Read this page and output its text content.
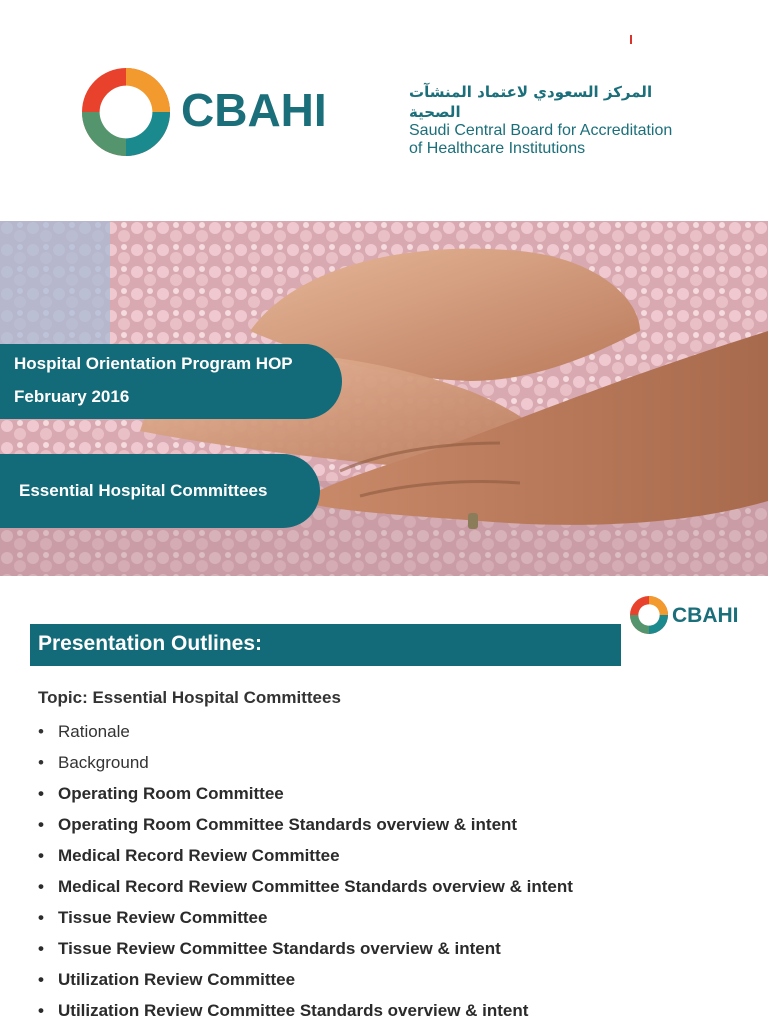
CBAHI	المركز السعودي لاعتماد المنشآت الصحية
Saudi Central Board for Accreditation
of Healthcare Institutions
Hospital Orientation Program HOP
February 2016
Essential Hospital Committees
CBAHI
Presentation Outlines:
Topic: Essential Hospital Committees
• Rationale
• Background
• Operating Room Committee
• Operating Room Committee Standards overview & intent
• Medical Record Review Committee
• Medical Record Review Committee Standards overview & intent
• Tissue Review Committee
• Tissue Review Committee Standards overview & intent
• Utilization Review Committee
• Utilization Review Committee Standards overview & intent
